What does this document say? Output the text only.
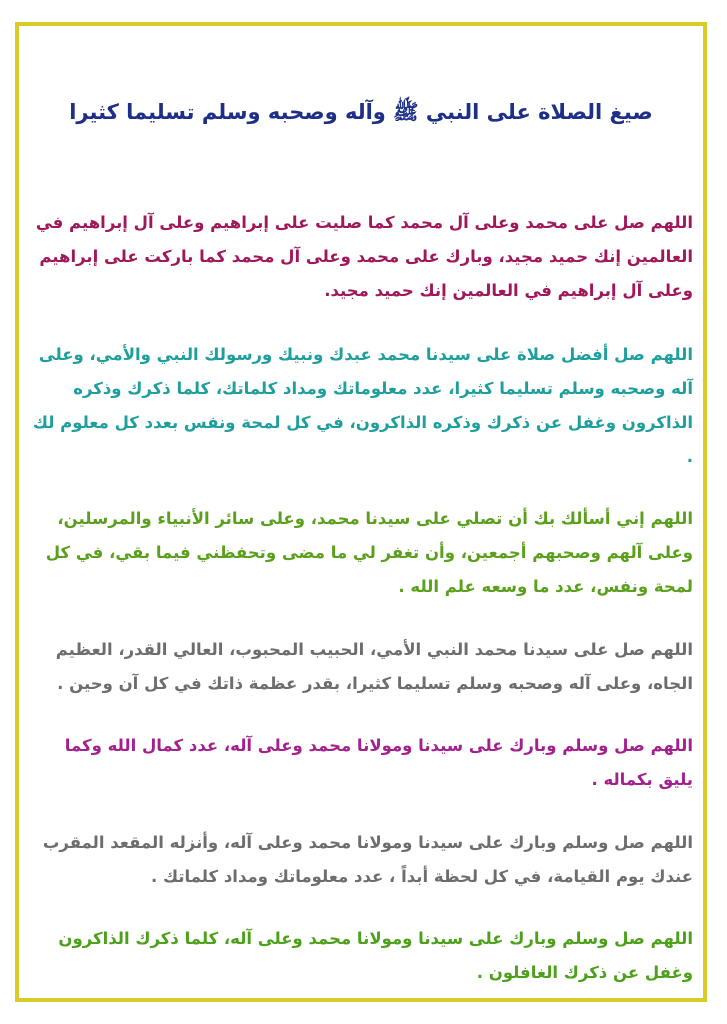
صيغ الصلاة على النبي ﷺ وآله وصحبه وسلم تسليما كثيرا

اللهم صل على محمد وعلى آل محمد كما صليت على إبراهيم وعلى آل إبراهيم في العالمين إنك حميد مجيد، وبارك على محمد وعلى آل محمد كما باركت على إبراهيم وعلى آل إبراهيم في العالمين إنك حميد مجيد.

اللهم صل أفضل صلاة على سيدنا محمد عبدك ونبيك ورسولك النبي والأمي، وعلى آله وصحبه وسلم تسليما كثيرا، عدد معلوماتك ومداد كلماتك، كلما ذكرك وذكره الذاكرون وغفل عن ذكرك وذكره الذاكرون، في كل لمحة ونفس بعدد كل معلوم لك .

اللهم إني أسألك بك أن تصلي على سيدنا محمد، وعلى سائر الأنبياء والمرسلين، وعلى آلهم وصحبهم أجمعين، وأن تغفر لي ما مضى وتحفظني فيما بقي، في كل لمحة ونفس، عدد ما وسعه علم الله .

اللهم صل على سيدنا محمد النبي الأمي، الحبيب المحبوب، العالي القدر، العظيم الجاه، وعلى آله وصحبه وسلم تسليما كثيرا، بقدر عظمة ذاتك في كل آن وحين .

اللهم صل وسلم وبارك على سيدنا ومولانا محمد وعلى آله، عدد كمال الله وكما يليق بكماله .

اللهم صل وسلم وبارك على سيدنا ومولانا محمد وعلى آله، وأنزله المقعد المقرب عندك يوم القيامة، في كل لحظة أبداً ، عدد معلوماتك ومداد كلماتك .

اللهم صل وسلم وبارك على سيدنا ومولانا محمد وعلى آله، كلما ذكرك الذاكرون وغفل عن ذكرك الغافلون .
